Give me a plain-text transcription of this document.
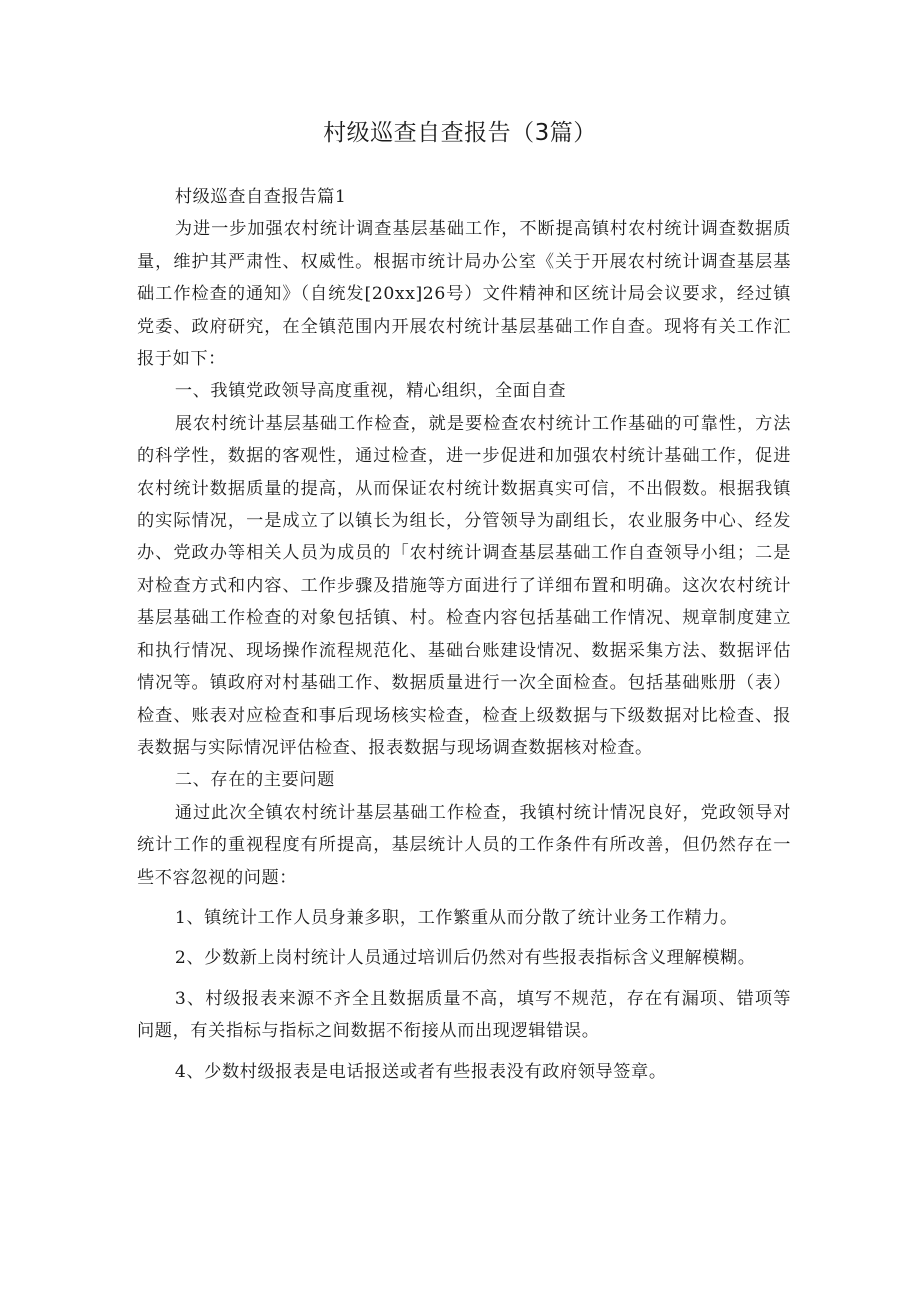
村级巡查自查报告（3篇）

村级巡查自查报告篇1

为进一步加强农村统计调查基层基础工作，不断提高镇村农村统计调查数据质量，维护其严肃性、权威性。根据市统计局办公室《关于开展农村统计调查基层基础工作检查的通知》（自统发[20xx]26号）文件精神和区统计局会议要求，经过镇党委、政府研究，在全镇范围内开展农村统计基层基础工作自查。现将有关工作汇报于如下：

一、我镇党政领导高度重视，精心组织，全面自查

展农村统计基层基础工作检查，就是要检查农村统计工作基础的可靠性，方法的科学性，数据的客观性，通过检查，进一步促进和加强农村统计基础工作，促进农村统计数据质量的提高，从而保证农村统计数据真实可信，不出假数。根据我镇的实际情况，一是成立了以镇长为组长，分管领导为副组长，农业服务中心、经发办、党政办等相关人员为成员的「农村统计调查基层基础工作自查领导小组；二是对检查方式和内容、工作步骤及措施等方面进行了详细布置和明确。这次农村统计基层基础工作检查的对象包括镇、村。检查内容包括基础工作情况、规章制度建立和执行情况、现场操作流程规范化、基础台账建设情况、数据采集方法、数据评估情况等。镇政府对村基础工作、数据质量进行一次全面检查。包括基础账册（表）检查、账表对应检查和事后现场核实检查，检查上级数据与下级数据对比检查、报表数据与实际情况评估检查、报表数据与现场调查数据核对检查。

二、存在的主要问题

通过此次全镇农村统计基层基础工作检查，我镇村统计情况良好，党政领导对统计工作的重视程度有所提高，基层统计人员的工作条件有所改善，但仍然存在一些不容忽视的问题：

1、镇统计工作人员身兼多职，工作繁重从而分散了统计业务工作精力。

2、少数新上岗村统计人员通过培训后仍然对有些报表指标含义理解模糊。

3、村级报表来源不齐全且数据质量不高，填写不规范，存在有漏项、错项等问题，有关指标与指标之间数据不衔接从而出现逻辑错误。

4、少数村级报表是电话报送或者有些报表没有政府领导签章。
